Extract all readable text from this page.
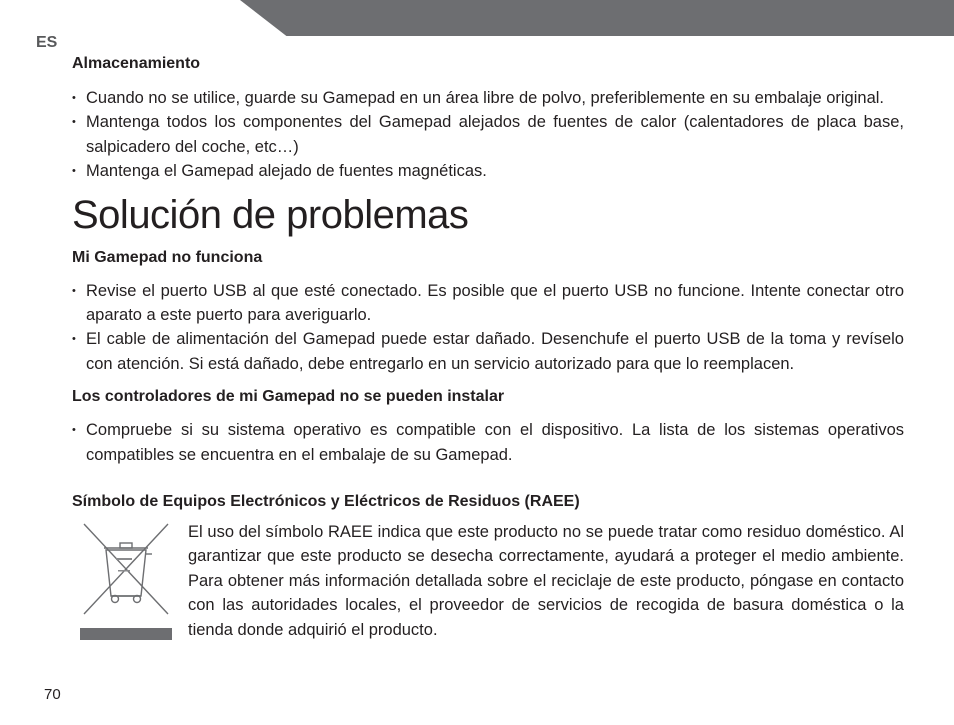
ES
Almacenamiento
• Cuando no se utilice, guarde su Gamepad en un área libre de polvo, preferiblemente en su embalaje original.
• Mantenga todos los componentes del Gamepad alejados de fuentes de calor (calentadores de placa base, salpicadero del coche, etc…)
• Mantenga el Gamepad alejado de fuentes magnéticas.
Solución de problemas
Mi Gamepad no funciona
• Revise el puerto USB al que esté conectado. Es posible que el puerto USB no funcione. Intente conectar otro aparato a este puerto para averiguarlo.
• El cable de alimentación del Gamepad puede estar dañado. Desenchufe el puerto USB de la toma y revíselo con atención. Si está dañado, debe entregarlo en un servicio autorizado para que lo reemplacen.
Los controladores de mi Gamepad no se pueden instalar
• Compruebe si su sistema operativo es compatible con el dispositivo. La lista de los sistemas operativos compatibles se encuentra en el embalaje de su Gamepad.
Símbolo de Equipos Electrónicos y Eléctricos de Residuos (RAEE)

El uso del símbolo RAEE indica que este producto no se puede tratar como residuo doméstico. Al garantizar que este producto se desecha correctamente, ayudará a proteger el medio ambiente. Para obtener más información detallada sobre el reciclaje de este producto, póngase en contacto con las autoridades locales, el proveedor de servicios de recogida de basura doméstica o la tienda donde adquirió el producto.

70
